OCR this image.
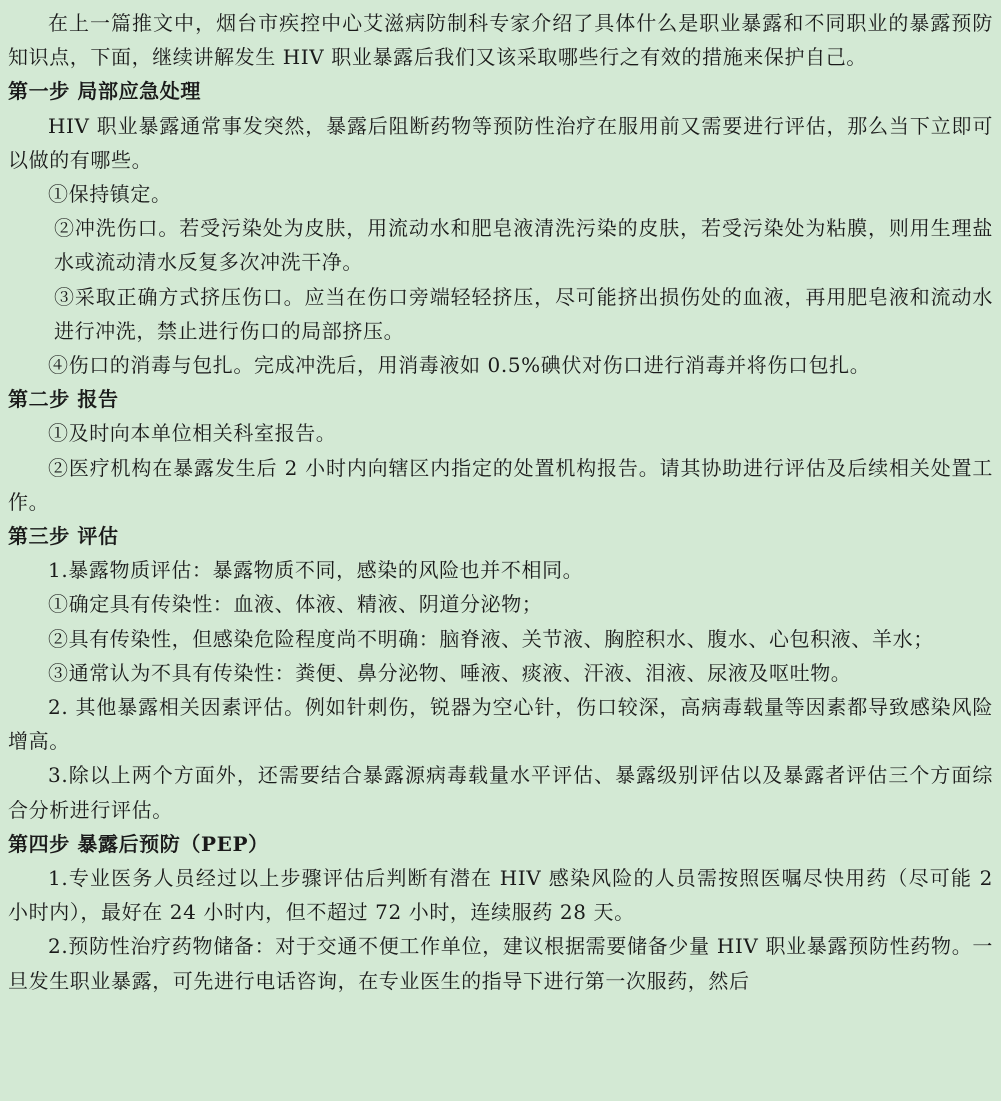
在上一篇推文中，烟台市疾控中心艾滋病防制科专家介绍了具体什么是职业暴露和不同职业的暴露预防知识点，下面，继续讲解发生 HIV 职业暴露后我们又该采取哪些行之有效的措施来保护自己。

第一步 局部应急处理

HIV 职业暴露通常事发突然，暴露后阻断药物等预防性治疗在服用前又需要进行评估，那么当下立即可以做的有哪些。

①保持镇定。

②冲洗伤口。若受污染处为皮肤，用流动水和肥皂液清洗污染的皮肤，若受污染处为粘膜，则用生理盐水或流动清水反复多次冲洗干净。

③采取正确方式挤压伤口。应当在伤口旁端轻轻挤压，尽可能挤出损伤处的血液，再用肥皂液和流动水进行冲洗，禁止进行伤口的局部挤压。

④伤口的消毒与包扎。完成冲洗后，用消毒液如 0.5%碘伏对伤口进行消毒并将伤口包扎。

第二步 报告

①及时向本单位相关科室报告。

②医疗机构在暴露发生后 2 小时内向辖区内指定的处置机构报告。请其协助进行评估及后续相关处置工作。

第三步 评估

1.暴露物质评估：暴露物质不同，感染的风险也并不相同。

①确定具有传染性：血液、体液、精液、阴道分泌物；

②具有传染性，但感染危险程度尚不明确：脑脊液、关节液、胸腔积水、腹水、心包积液、羊水；

③通常认为不具有传染性：粪便、鼻分泌物、唾液、痰液、汗液、泪液、尿液及呕吐物。

2. 其他暴露相关因素评估。例如针刺伤，锐器为空心针，伤口较深，高病毒载量等因素都导致感染风险增高。

3.除以上两个方面外，还需要结合暴露源病毒载量水平评估、暴露级别评估以及暴露者评估三个方面综合分析进行评估。

第四步 暴露后预防（PEP）

1.专业医务人员经过以上步骤评估后判断有潜在 HIV 感染风险的人员需按照医嘱尽快用药（尽可能 2 小时内），最好在 24 小时内，但不超过 72 小时，连续服药 28 天。

2.预防性治疗药物储备：对于交通不便工作单位，建议根据需要储备少量 HIV 职业暴露预防性药物。一旦发生职业暴露，可先进行电话咨询，在专业医生的指导下进行第一次服药，然后
